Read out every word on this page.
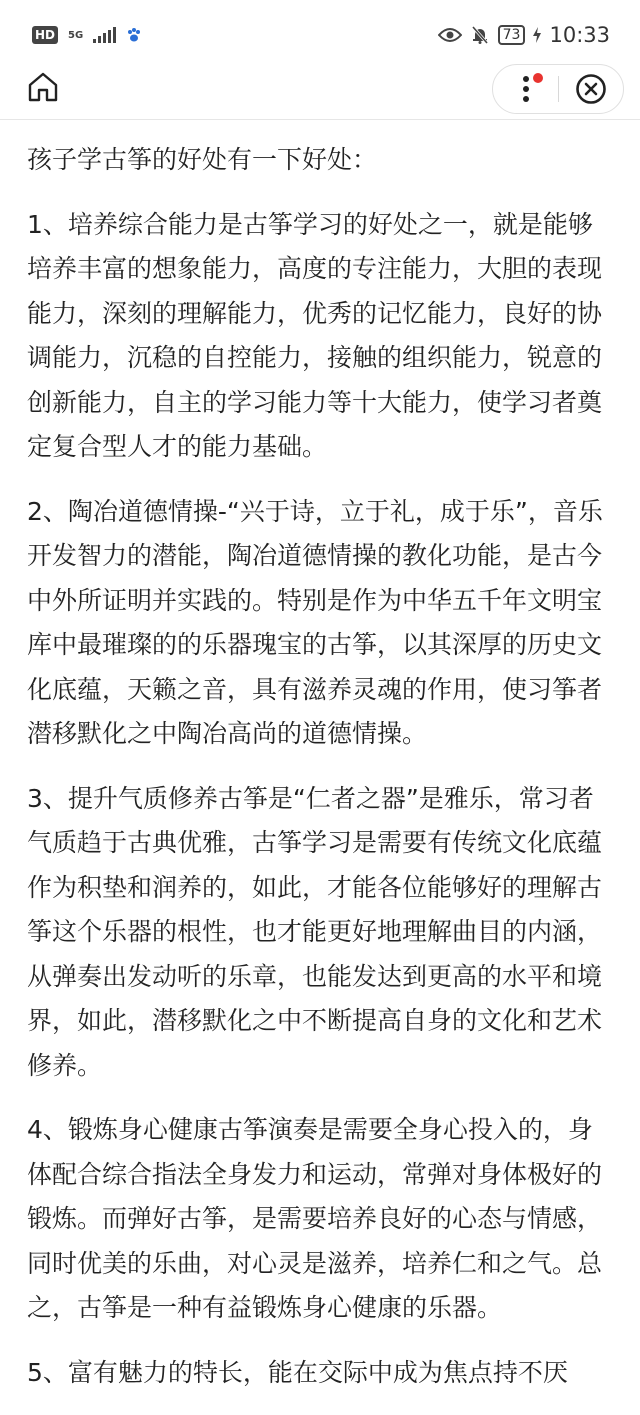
HD	5G	73 10:33

孩子学古筝的好处有一下好处：

1、培养综合能力是古筝学习的好处之一，就是能够培养丰富的想象能力，高度的专注能力，大胆的表现能力，深刻的理解能力，优秀的记忆能力，良好的协调能力，沉稳的自控能力，接触的组织能力，锐意的创新能力，自主的学习能力等十大能力，使学习者奠定复合型人才的能力基础。

2、陶冶道德情操-“兴于诗，立于礼，成于乐”，音乐开发智力的潜能，陶冶道德情操的教化功能，是古今中外所证明并实践的。特别是作为中华五千年文明宝库中最璀璨的的乐器瑰宝的古筝，以其深厚的历史文化底蕴，天籁之音，具有滋养灵魂的作用，使习筝者潜移默化之中陶冶高尚的道德情操。

3、提升气质修养古筝是“仁者之器”是雅乐，常习者气质趋于古典优雅，古筝学习是需要有传统文化底蕴作为积垫和润养的，如此，才能各位能够好的理解古筝这个乐器的根性，也才能更好地理解曲目的内涵，从弹奏出发动听的乐章，也能发达到更高的水平和境界，如此，潜移默化之中不断提高自身的文化和艺术修养。

4、锻炼身心健康古筝演奏是需要全身心投入的，身体配合综合指法全身发力和运动，常弹对身体极好的锻炼。而弹好古筝，是需要培养良好的心态与情感，同时优美的乐曲，对心灵是滋养，培养仁和之气。总之，古筝是一种有益锻炼身心健康的乐器。

5、富有魅力的特长，能在交际中成为焦点持不厌
